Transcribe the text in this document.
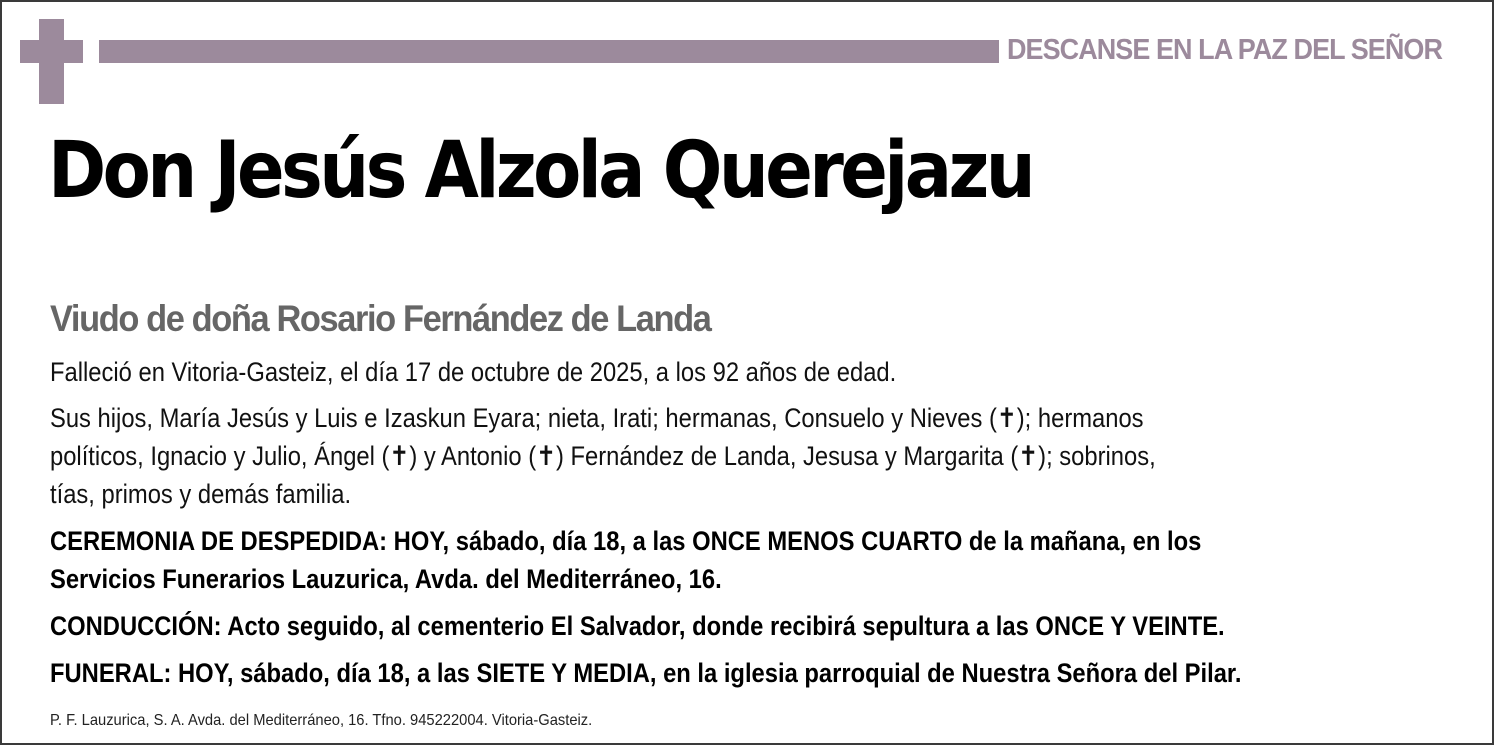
DESCANSE EN LA PAZ DEL SEÑOR
Don Jesús Alzola Querejazu
Viudo de doña Rosario Fernández de Landa
Falleció en Vitoria-Gasteiz, el día 17 de octubre de 2025, a los 92 años de edad.
Sus hijos, María Jesús y Luis e Izaskun Eyara; nieta, Irati; hermanas, Consuelo y Nieves (✝); hermanos
políticos, Ignacio y Julio, Ángel (✝) y Antonio (✝) Fernández de Landa, Jesusa y Margarita (✝); sobrinos,
tías, primos y demás familia.
CEREMONIA DE DESPEDIDA: HOY, sábado, día 18, a las ONCE MENOS CUARTO de la mañana, en los
Servicios Funerarios Lauzurica, Avda. del Mediterráneo, 16.
CONDUCCIÓN: Acto seguido, al cementerio El Salvador, donde recibirá sepultura a las ONCE Y VEINTE.
FUNERAL: HOY, sábado, día 18, a las SIETE Y MEDIA, en la iglesia parroquial de Nuestra Señora del Pilar.
P. F. Lauzurica, S. A. Avda. del Mediterráneo, 16. Tfno. 945222004. Vitoria-Gasteiz.
